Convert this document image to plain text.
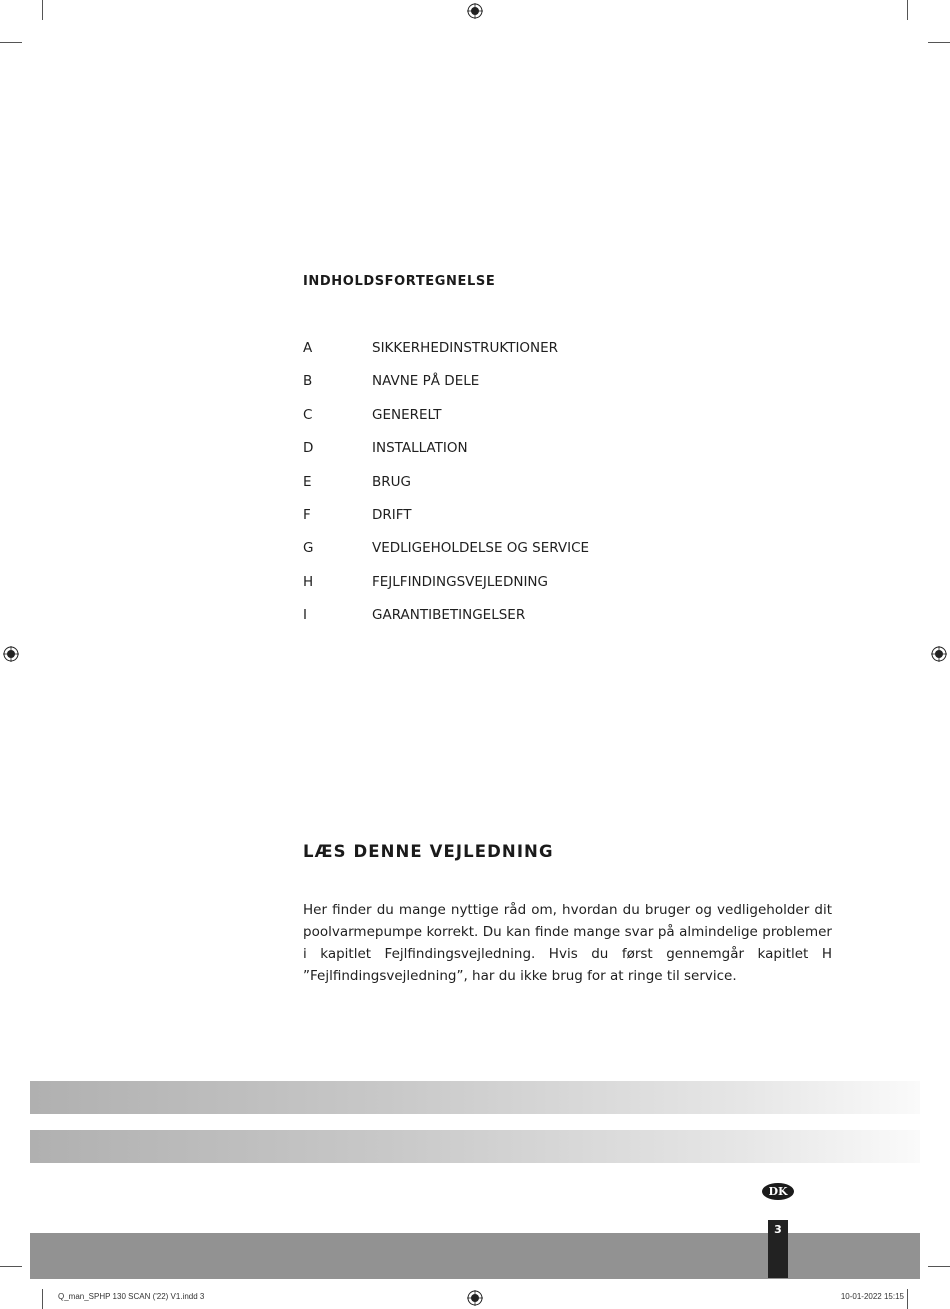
INDHOLDSFORTEGNELSE
A	SIKKERHEDINSTRUKTIONER
B	NAVNE PÅ DELE
C	GENERELT
D	INSTALLATION
E	BRUG
F	DRIFT
G	VEDLIGEHOLDELSE OG SERVICE
H	FEJLFINDINGSVEJLEDNING
I	GARANTIBETINGELSER
LÆS DENNE VEJLEDNING

Her finder du mange nyttige råd om, hvordan du bruger og vedligeholder dit poolvarmepumpe korrekt. Du kan finde mange svar på almindelige problemer i kapitlet Fejlfindingsvejledning. Hvis du først gennemgår kapitlet H ”Fejlfindingsvejledning”, har du ikke brug for at ringe til service.

DK
3
Q_man_SPHP 130 SCAN ('22) V1.indd 3	10-01-2022 15:15
